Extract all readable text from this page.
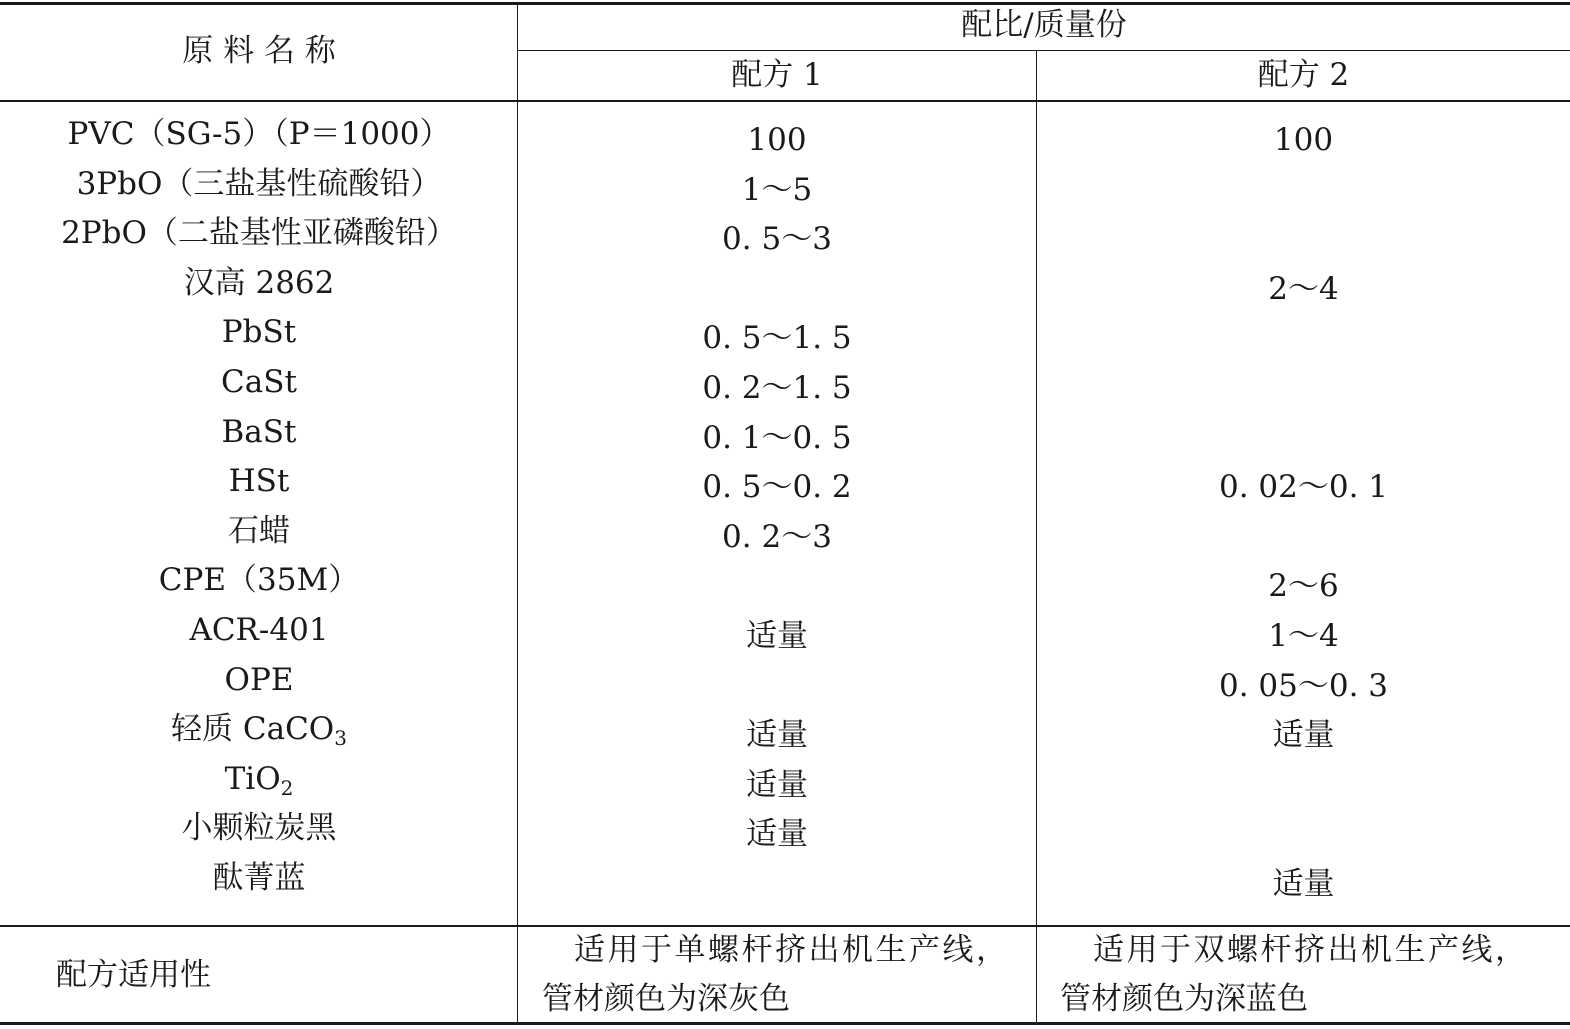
原 料 名 称
配比/质量份
配方 1	配方 2
PVC（SG-5）（P＝1000）
3PbO（三盐基性硫酸铅）
2PbO（二盐基性亚磷酸铅）
汉高 2862
PbSt
CaSt
BaSt
HSt
石蜡
CPE（35M）
ACR-401
OPE
轻质 CaCO$_3$
TiO$_2$
小颗粒炭黑
酞菁蓝
100
1～5
0. 5～3
0. 5～1. 5
0. 2～1. 5
0. 1～0. 5
0. 5～0. 2
0. 2～3
适量
适量
适量
适量
100
2～4
0. 02～0. 1
2～6
1～4
0. 05～0. 3
适量
适量
配方适用性
适用于单螺杆挤出机生产线，
管材颜色为深灰色
适用于双螺杆挤出机生产线，
管材颜色为深蓝色
